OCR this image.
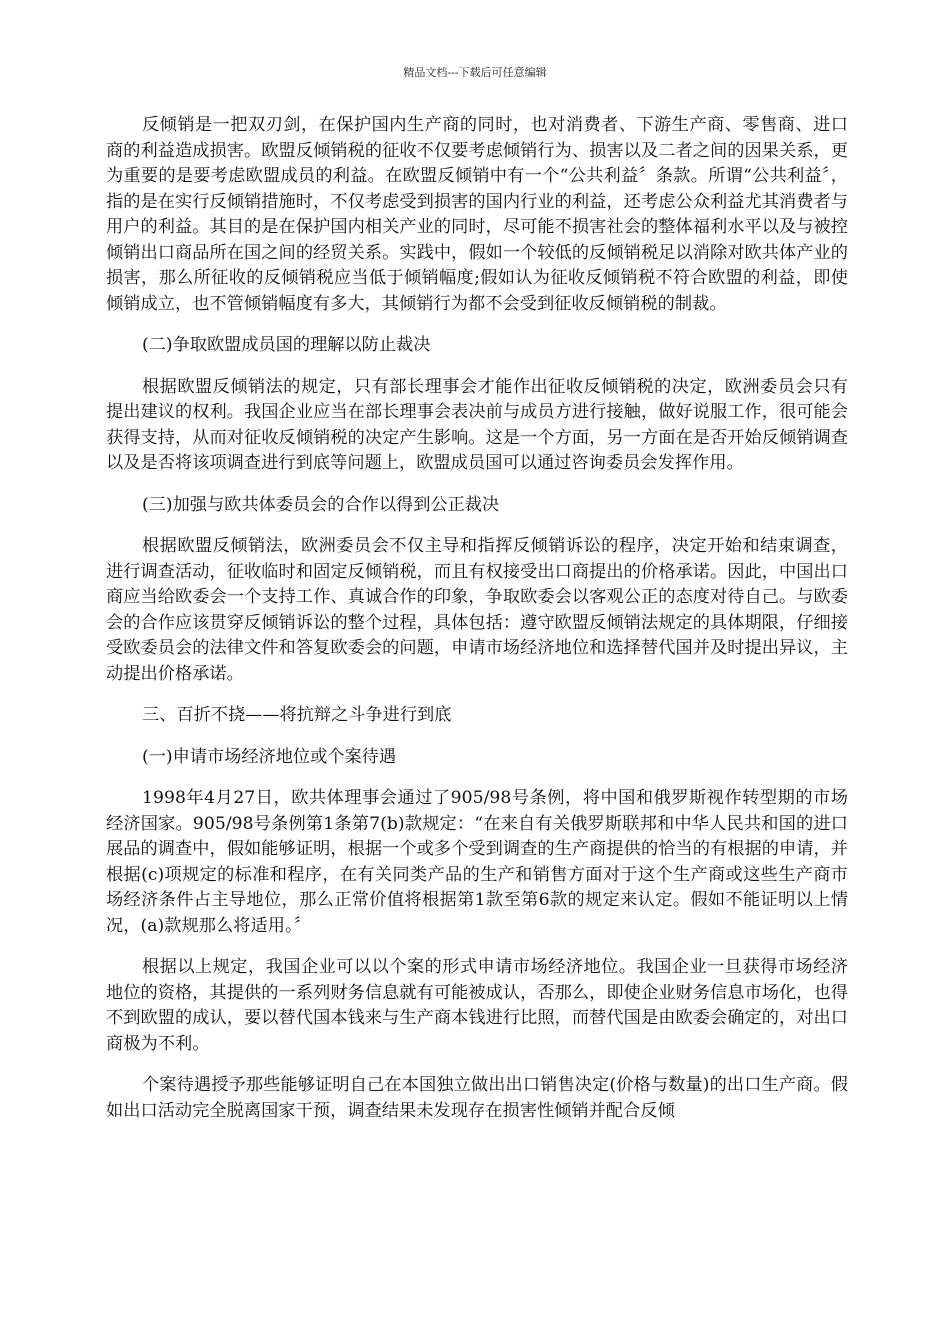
精品文档---下载后可任意编辑

反倾销是一把双刃剑，在保护国内生产商的同时，也对消费者、下游生产商、零售商、进口商的利益造成损害。欧盟反倾销税的征收不仅要考虑倾销行为、损害以及二者之间的因果关系，更为重要的是要考虑欧盟成员的利益。在欧盟反倾销中有一个“公共利益〞条款。所谓“公共利益〞，指的是在实行反倾销措施时，不仅考虑受到损害的国内行业的利益，还考虑公众利益尤其消费者与用户的利益。其目的是在保护国内相关产业的同时，尽可能不损害社会的整体福利水平以及与被控倾销出口商品所在国之间的经贸关系。实践中，假如一个较低的反倾销税足以消除对欧共体产业的损害，那么所征收的反倾销税应当低于倾销幅度;假如认为征收反倾销税不符合欧盟的利益，即使倾销成立，也不管倾销幅度有多大，其倾销行为都不会受到征收反倾销税的制裁。

(二)争取欧盟成员国的理解以防止裁决

根据欧盟反倾销法的规定，只有部长理事会才能作出征收反倾销税的决定，欧洲委员会只有提出建议的权利。我国企业应当在部长理事会表决前与成员方进行接触，做好说服工作，很可能会获得支持，从而对征收反倾销税的决定产生影响。这是一个方面，另一方面在是否开始反倾销调查以及是否将该项调查进行到底等问题上，欧盟成员国可以通过咨询委员会发挥作用。

(三)加强与欧共体委员会的合作以得到公正裁决

根据欧盟反倾销法，欧洲委员会不仅主导和指挥反倾销诉讼的程序，决定开始和结束调查，进行调查活动，征收临时和固定反倾销税，而且有权接受出口商提出的价格承诺。因此，中国出口商应当给欧委会一个支持工作、真诚合作的印象，争取欧委会以客观公正的态度对待自己。与欧委会的合作应该贯穿反倾销诉讼的整个过程，具体包括：遵守欧盟反倾销法规定的具体期限，仔细接受欧委员会的法律文件和答复欧委会的问题，申请市场经济地位和选择替代国并及时提出异议，主动提出价格承诺。

三、百折不挠——将抗辩之斗争进行到底

(一)申请市场经济地位或个案待遇

1998年4月27日，欧共体理事会通过了905/98号条例，将中国和俄罗斯视作转型期的市场经济国家。905/98号条例第1条第7(b)款规定：“在来自有关俄罗斯联邦和中华人民共和国的进口展品的调查中，假如能够证明，根据一个或多个受到调查的生产商提供的恰当的有根据的申请，并根据(c)项规定的标准和程序，在有关同类产品的生产和销售方面对于这个生产商或这些生产商市场经济条件占主导地位，那么正常价值将根据第1款至第6款的规定来认定。假如不能证明以上情况，(a)款规那么将适用。〞

根据以上规定，我国企业可以以个案的形式申请市场经济地位。我国企业一旦获得市场经济地位的资格，其提供的一系列财务信息就有可能被成认，否那么，即使企业财务信息市场化，也得不到欧盟的成认，要以替代国本钱来与生产商本钱进行比照，而替代国是由欧委会确定的，对出口商极为不利。

个案待遇授予那些能够证明自己在本国独立做出出口销售决定(价格与数量)的出口生产商。假如出口活动完全脱离国家干预，调查结果未发现存在损害性倾销并配合反倾
